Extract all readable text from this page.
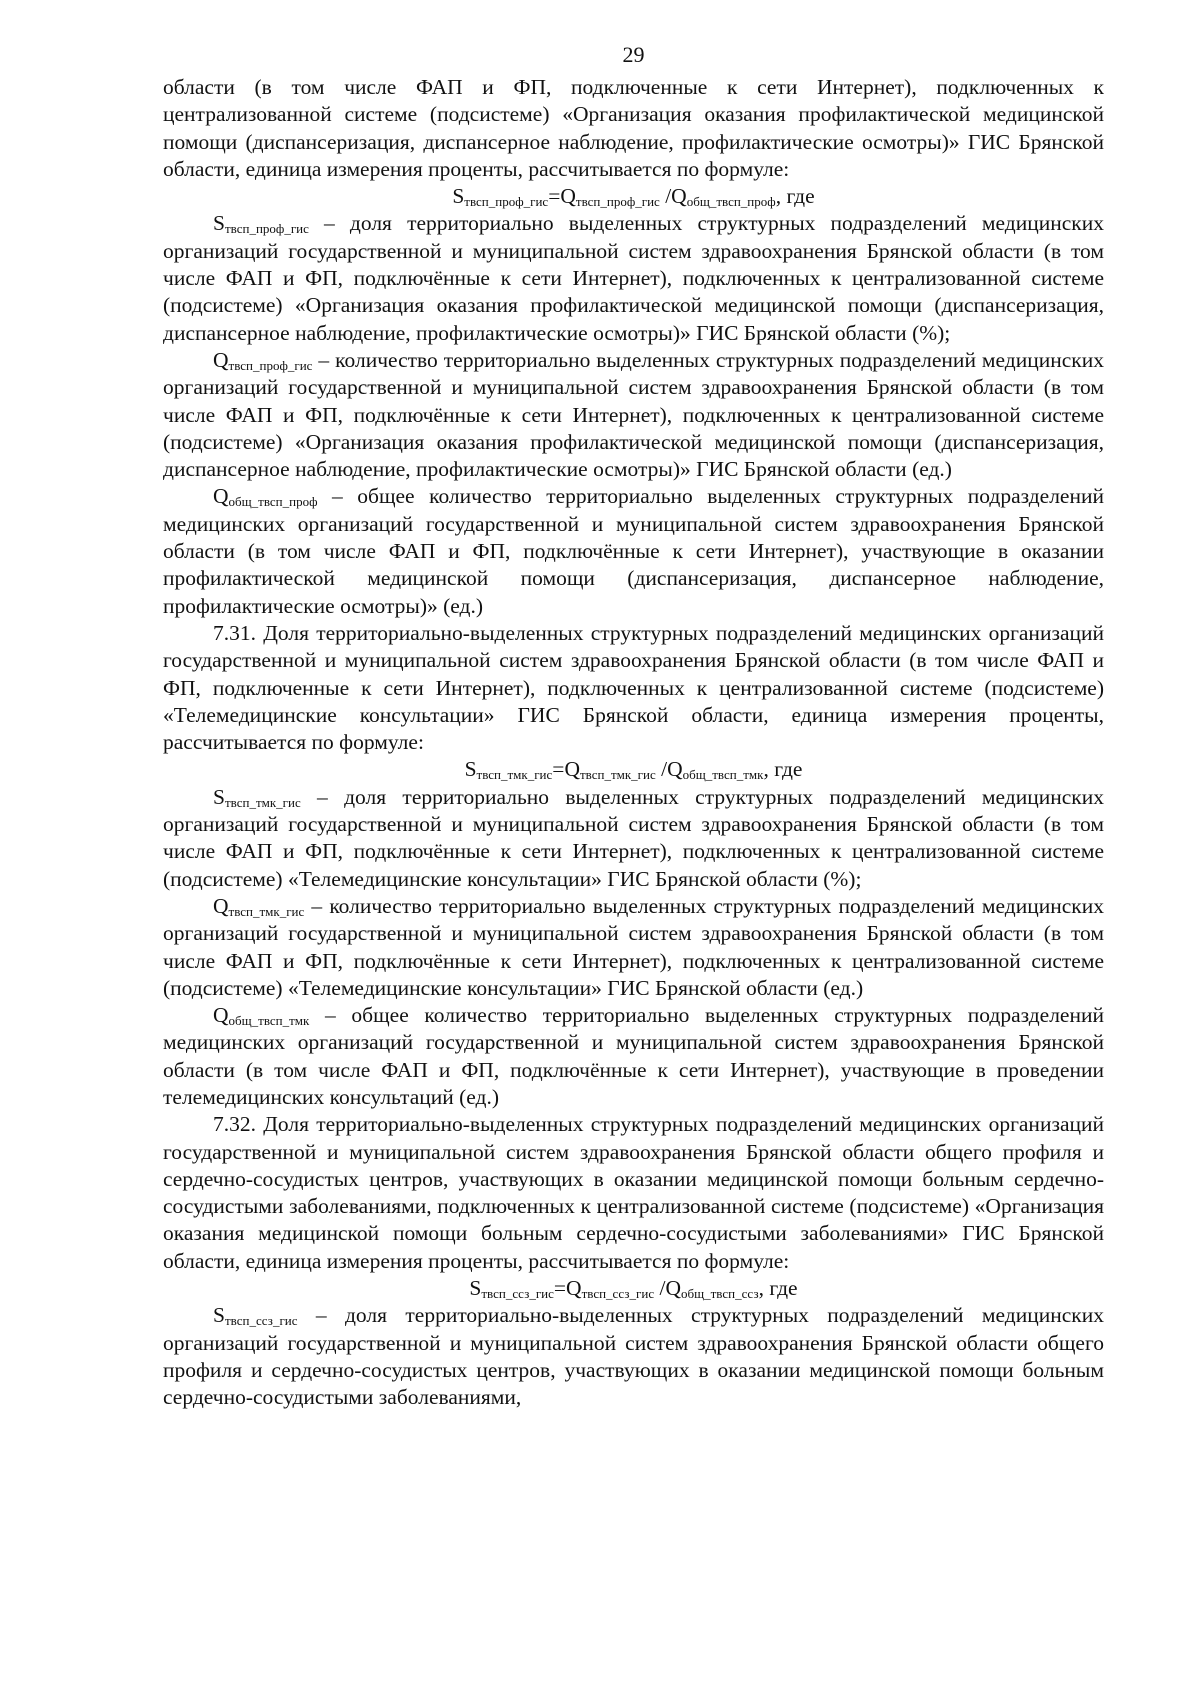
29

области (в том числе ФАП и ФП, подключенные к сети Интернет), подключенных к централизованной системе (подсистеме) «Организация оказания профилактической медицинской помощи (диспансеризация, диспансерное наблюдение, профилактические осмотры)» ГИС Брянской области, единица измерения проценты, рассчитывается по формуле:

$S_{твсп\_проф\_гис}=Q_{твсп\_проф\_гис}$ $/Q_{общ\_твсп\_проф}$, где

$S_{твсп\_проф\_гис}$ – доля территориально выделенных структурных подразделений медицинских организаций государственной и муниципальной систем здравоохранения Брянской области (в том числе ФАП и ФП, подключённые к сети Интернет), подключенных к централизованной системе (подсистеме) «Организация оказания профилактической медицинской помощи (диспансеризация, диспансерное наблюдение, профилактические осмотры)» ГИС Брянской области (%);

$Q_{твсп\_проф\_гис}$ – количество территориально выделенных структурных подразделений медицинских организаций государственной и муниципальной систем здравоохранения Брянской области (в том числе ФАП и ФП, подключённые к сети Интернет), подключенных к централизованной системе (подсистеме) «Организация оказания профилактической медицинской помощи (диспансеризация, диспансерное наблюдение, профилактические осмотры)» ГИС Брянской области (ед.)

$Q_{общ\_твсп\_проф}$ – общее количество территориально выделенных структурных подразделений медицинских организаций государственной и муниципальной систем здравоохранения Брянской области (в том числе ФАП и ФП, подключённые к сети Интернет), участвующие в оказании профилактической медицинской помощи (диспансеризация, диспансерное наблюдение, профилактические осмотры)» (ед.)

7.31. Доля территориально-выделенных структурных подразделений медицинских организаций государственной и муниципальной систем здравоохранения Брянской области (в том числе ФАП и ФП, подключенные к сети Интернет), подключенных к централизованной системе (подсистеме) «Телемедицинские консультации» ГИС Брянской области, единица измерения проценты, рассчитывается по формуле:

$S_{твсп\_тмк\_гис}=Q_{твсп\_тмк\_гис}$ $/Q_{общ\_твсп\_тмк}$, где

$S_{твсп\_тмк\_гис}$ – доля территориально выделенных структурных подразделений медицинских организаций государственной и муниципальной систем здравоохранения Брянской области (в том числе ФАП и ФП, подключённые к сети Интернет), подключенных к централизованной системе (подсистеме) «Телемедицинские консультации» ГИС Брянской области (%);

$Q_{твсп\_тмк\_гис}$ – количество территориально выделенных структурных подразделений медицинских организаций государственной и муниципальной систем здравоохранения Брянской области (в том числе ФАП и ФП, подключённые к сети Интернет), подключенных к централизованной системе (подсистеме) «Телемедицинские консультации» ГИС Брянской области (ед.)

$Q_{общ\_твсп\_тмк}$ – общее количество территориально выделенных структурных подразделений медицинских организаций государственной и муниципальной систем здравоохранения Брянской области (в том числе ФАП и ФП, подключённые к сети Интернет), участвующие в проведении телемедицинских консультаций (ед.)

7.32. Доля территориально-выделенных структурных подразделений медицинских организаций государственной и муниципальной систем здравоохранения Брянской области общего профиля и сердечно-сосудистых центров, участвующих в оказании медицинской помощи больным сердечно-сосудистыми заболеваниями, подключенных к централизованной системе (подсистеме) «Организация оказания медицинской помощи больным сердечно-сосудистыми заболеваниями» ГИС Брянской области, единица измерения проценты, рассчитывается по формуле:

$S_{твсп\_ссз\_гис}=Q_{твсп\_ссз\_гис}$ $/Q_{общ\_твсп\_ссз}$, где

$S_{твсп\_ссз\_гис}$ – доля территориально-выделенных структурных подразделений медицинских организаций государственной и муниципальной систем здравоохранения Брянской области общего профиля и сердечно-сосудистых центров, участвующих в оказании медицинской помощи больным сердечно-сосудистыми заболеваниями,
